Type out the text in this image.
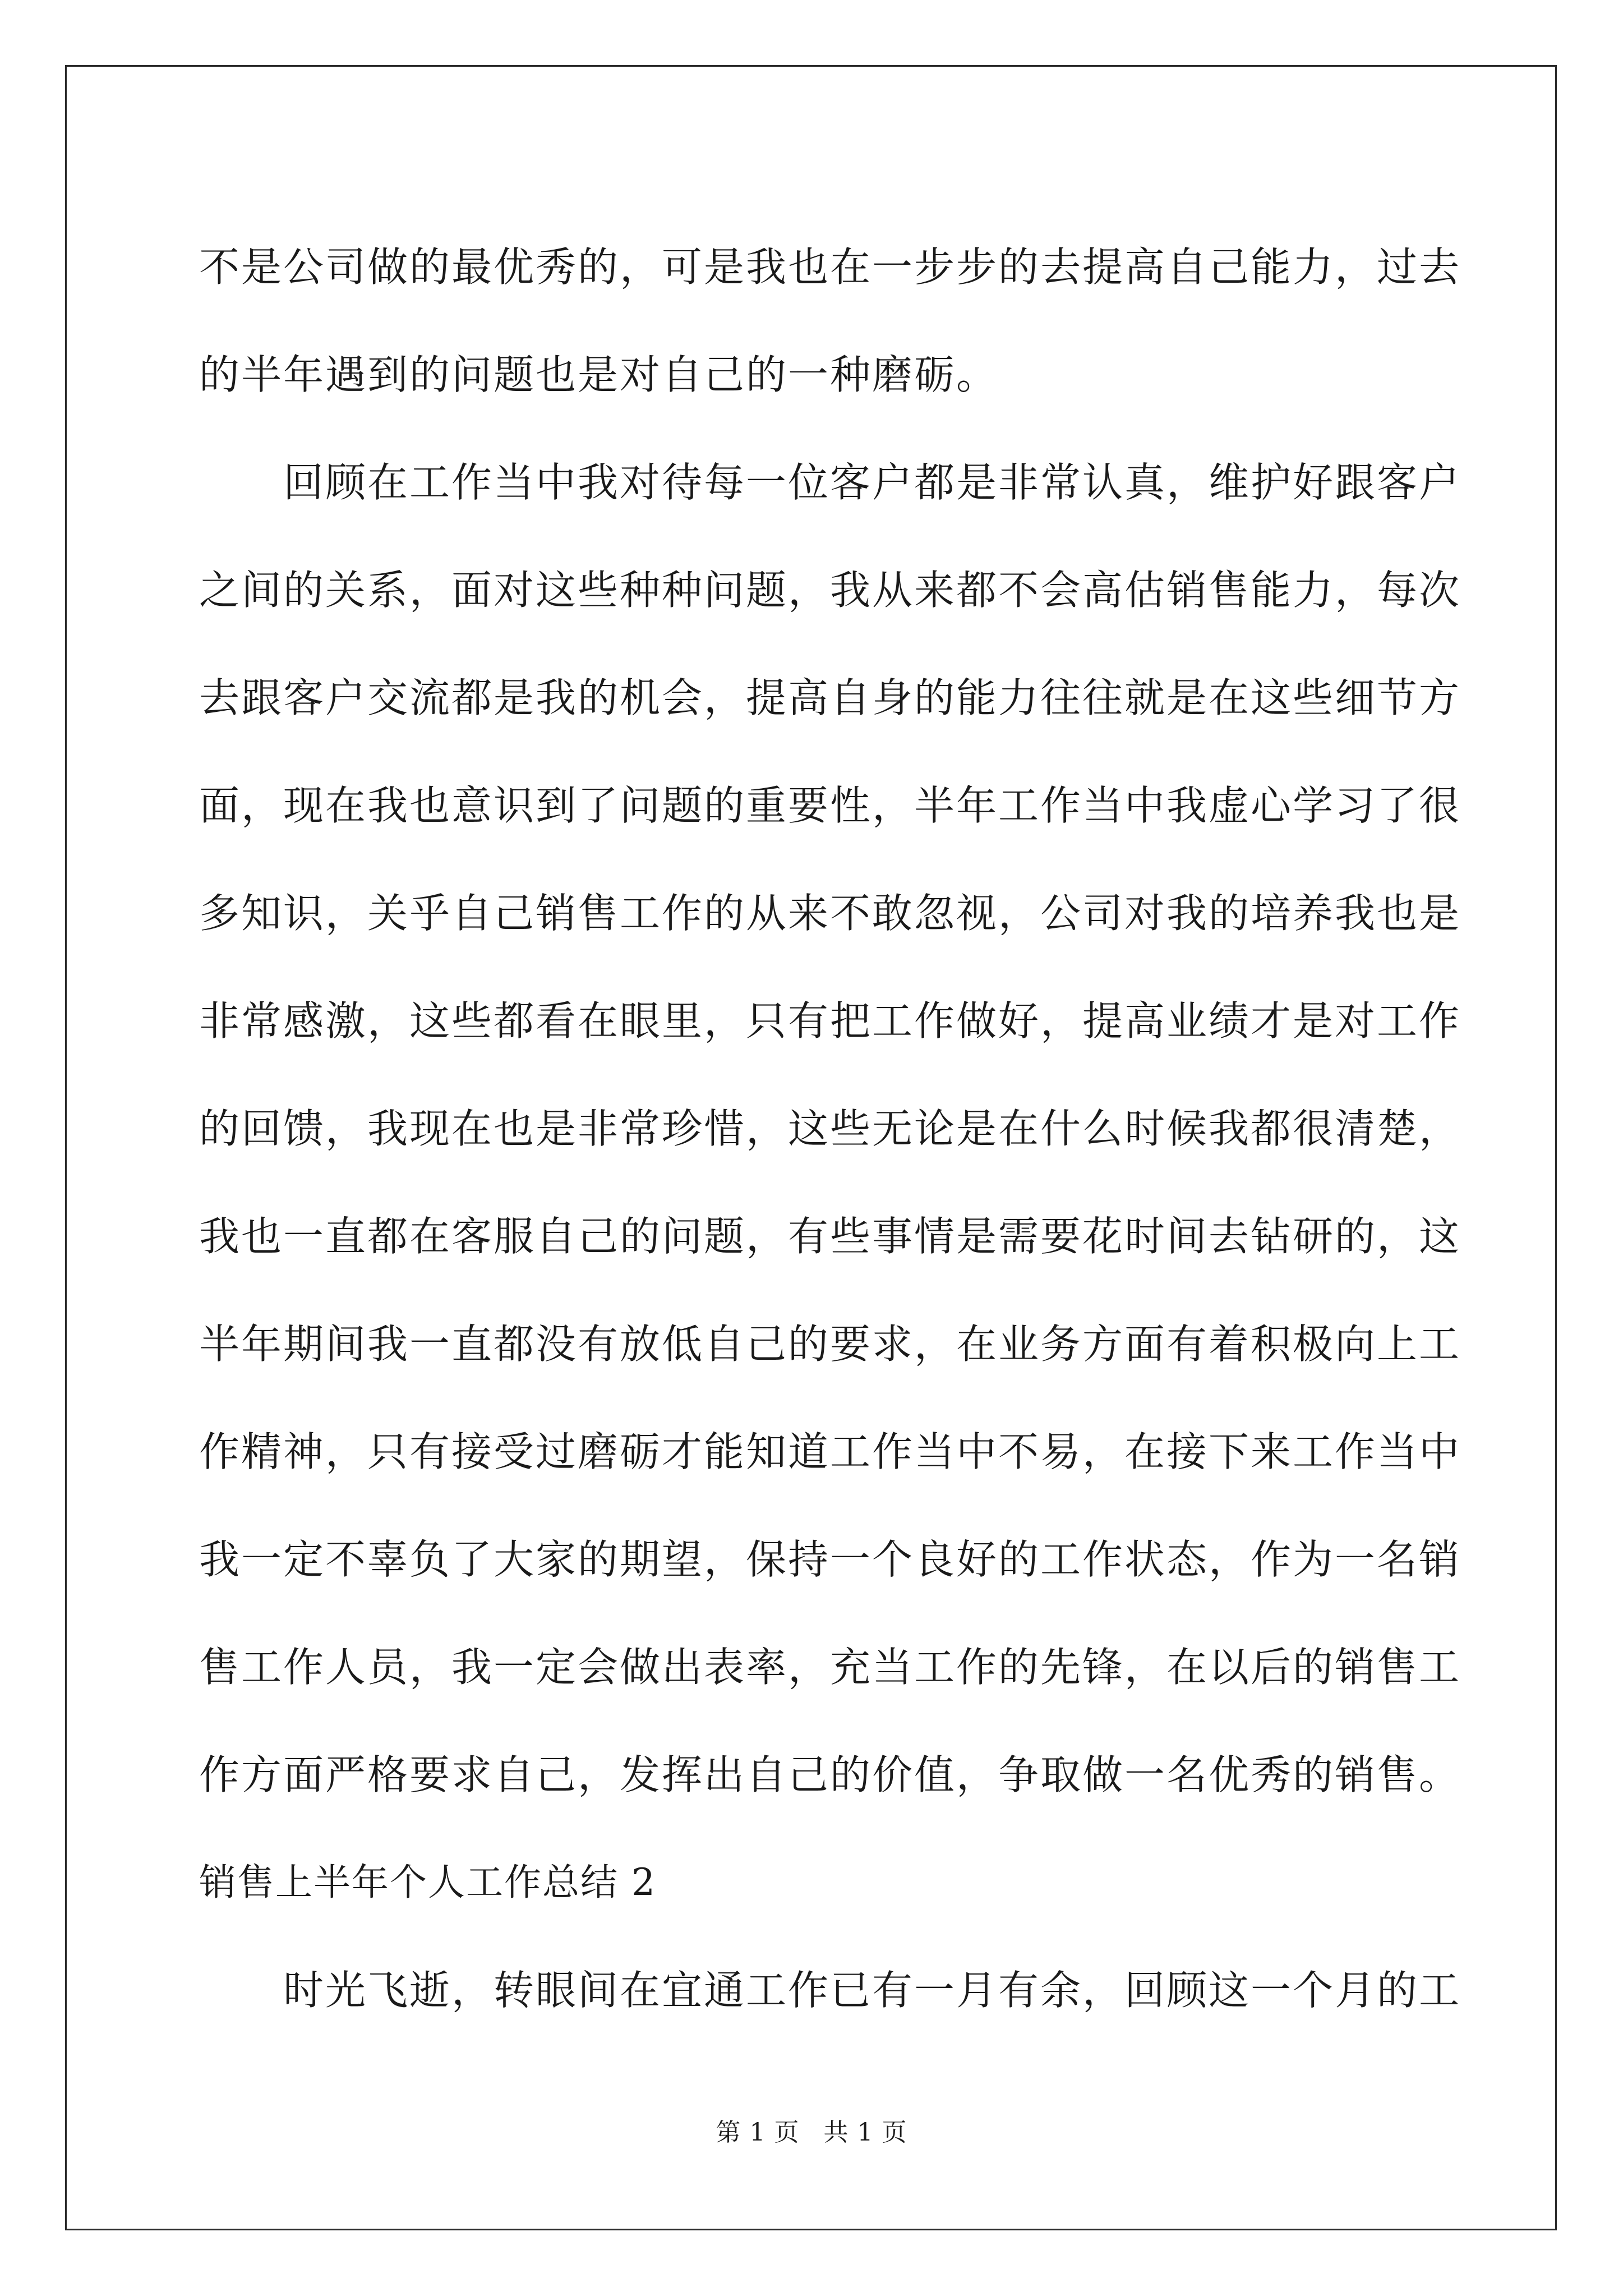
不是公司做的最优秀的，可是我也在一步步的去提高自己能力，过去
的半年遇到的问题也是对自己的一种磨砺。
回顾在工作当中我对待每一位客户都是非常认真，维护好跟客户
之间的关系，面对这些种种问题，我从来都不会高估销售能力，每次
去跟客户交流都是我的机会，提高自身的能力往往就是在这些细节方
面，现在我也意识到了问题的重要性，半年工作当中我虚心学习了很
多知识，关乎自己销售工作的从来不敢忽视，公司对我的培养我也是
非常感激，这些都看在眼里，只有把工作做好，提高业绩才是对工作
的回馈，我现在也是非常珍惜，这些无论是在什么时候我都很清楚，
我也一直都在客服自己的问题，有些事情是需要花时间去钻研的，这
半年期间我一直都没有放低自己的要求，在业务方面有着积极向上工
作精神，只有接受过磨砺才能知道工作当中不易，在接下来工作当中
我一定不辜负了大家的期望，保持一个良好的工作状态，作为一名销
售工作人员，我一定会做出表率，充当工作的先锋，在以后的销售工
作方面严格要求自己，发挥出自己的价值，争取做一名优秀的销售。
销售上半年个人工作总结 2
时光飞逝，转眼间在宜通工作已有一月有余，回顾这一个月的工
第 1 页 共 1 页
